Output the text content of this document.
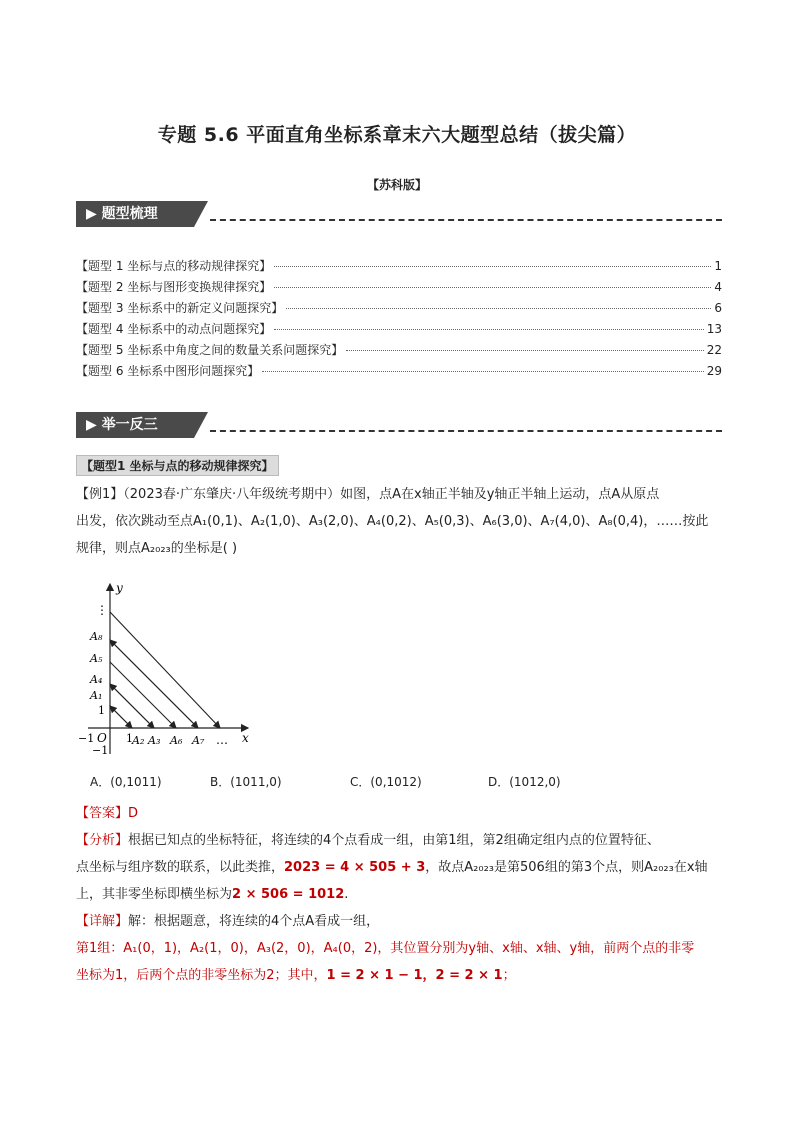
专题 5.6 平面直角坐标系章末六大题型总结（拔尖篇）
【苏科版】
▶ 题型梳理
【题型 1 坐标与点的移动规律探究】	1
【题型 2 坐标与图形变换规律探究】	4
【题型 3 坐标系中的新定义问题探究】	6
【题型 4 坐标系中的动点问题探究】	13
【题型 5 坐标系中角度之间的数量关系问题探究】	22
【题型 6 坐标系中图形问题探究】	29
▶ 举一反三
【题型1 坐标与点的移动规律探究】
【例1】（2023春·广东肇庆·八年级统考期中）如图，点A在x轴正半轴及y轴正半轴上运动，点A从原点
出发，依次跳动至点A₁(0,1)、A₂(1,0)、A₃(2,0)、A₄(0,2)、A₅(0,3)、A₆(3,0)、A₇(4,0)、A₈(0,4)，……按此
规律，则点A₂₀₂₃的坐标是( )
y
x
O
⋮
…
A₈
A₅
A₄
A₁
1
−1
−1	1 A₂ A₃ A₆ A₇
A．(0,1011)	B．(1011,0)	C．(0,1012)	D．(1012,0)
【答案】D
【分析】根据已知点的坐标特征，将连续的4个点看成一组，由第1组，第2组确定组内点的位置特征、
点坐标与组序数的联系，以此类推，2023 = 4 × 505 + 3，故点A₂₀₂₃是第506组的第3个点，则A₂₀₂₃在x轴
上，其非零坐标即横坐标为2 × 506 = 1012.
【详解】解：根据题意，将连续的4个点A看成一组，
第1组：A₁(0，1)，A₂(1，0)，A₃(2，0)，A₄(0，2)，其位置分别为y轴、x轴、x轴、y轴，前两个点的非零
坐标为1，后两个点的非零坐标为2；其中，1 = 2 × 1 − 1，2 = 2 × 1；
